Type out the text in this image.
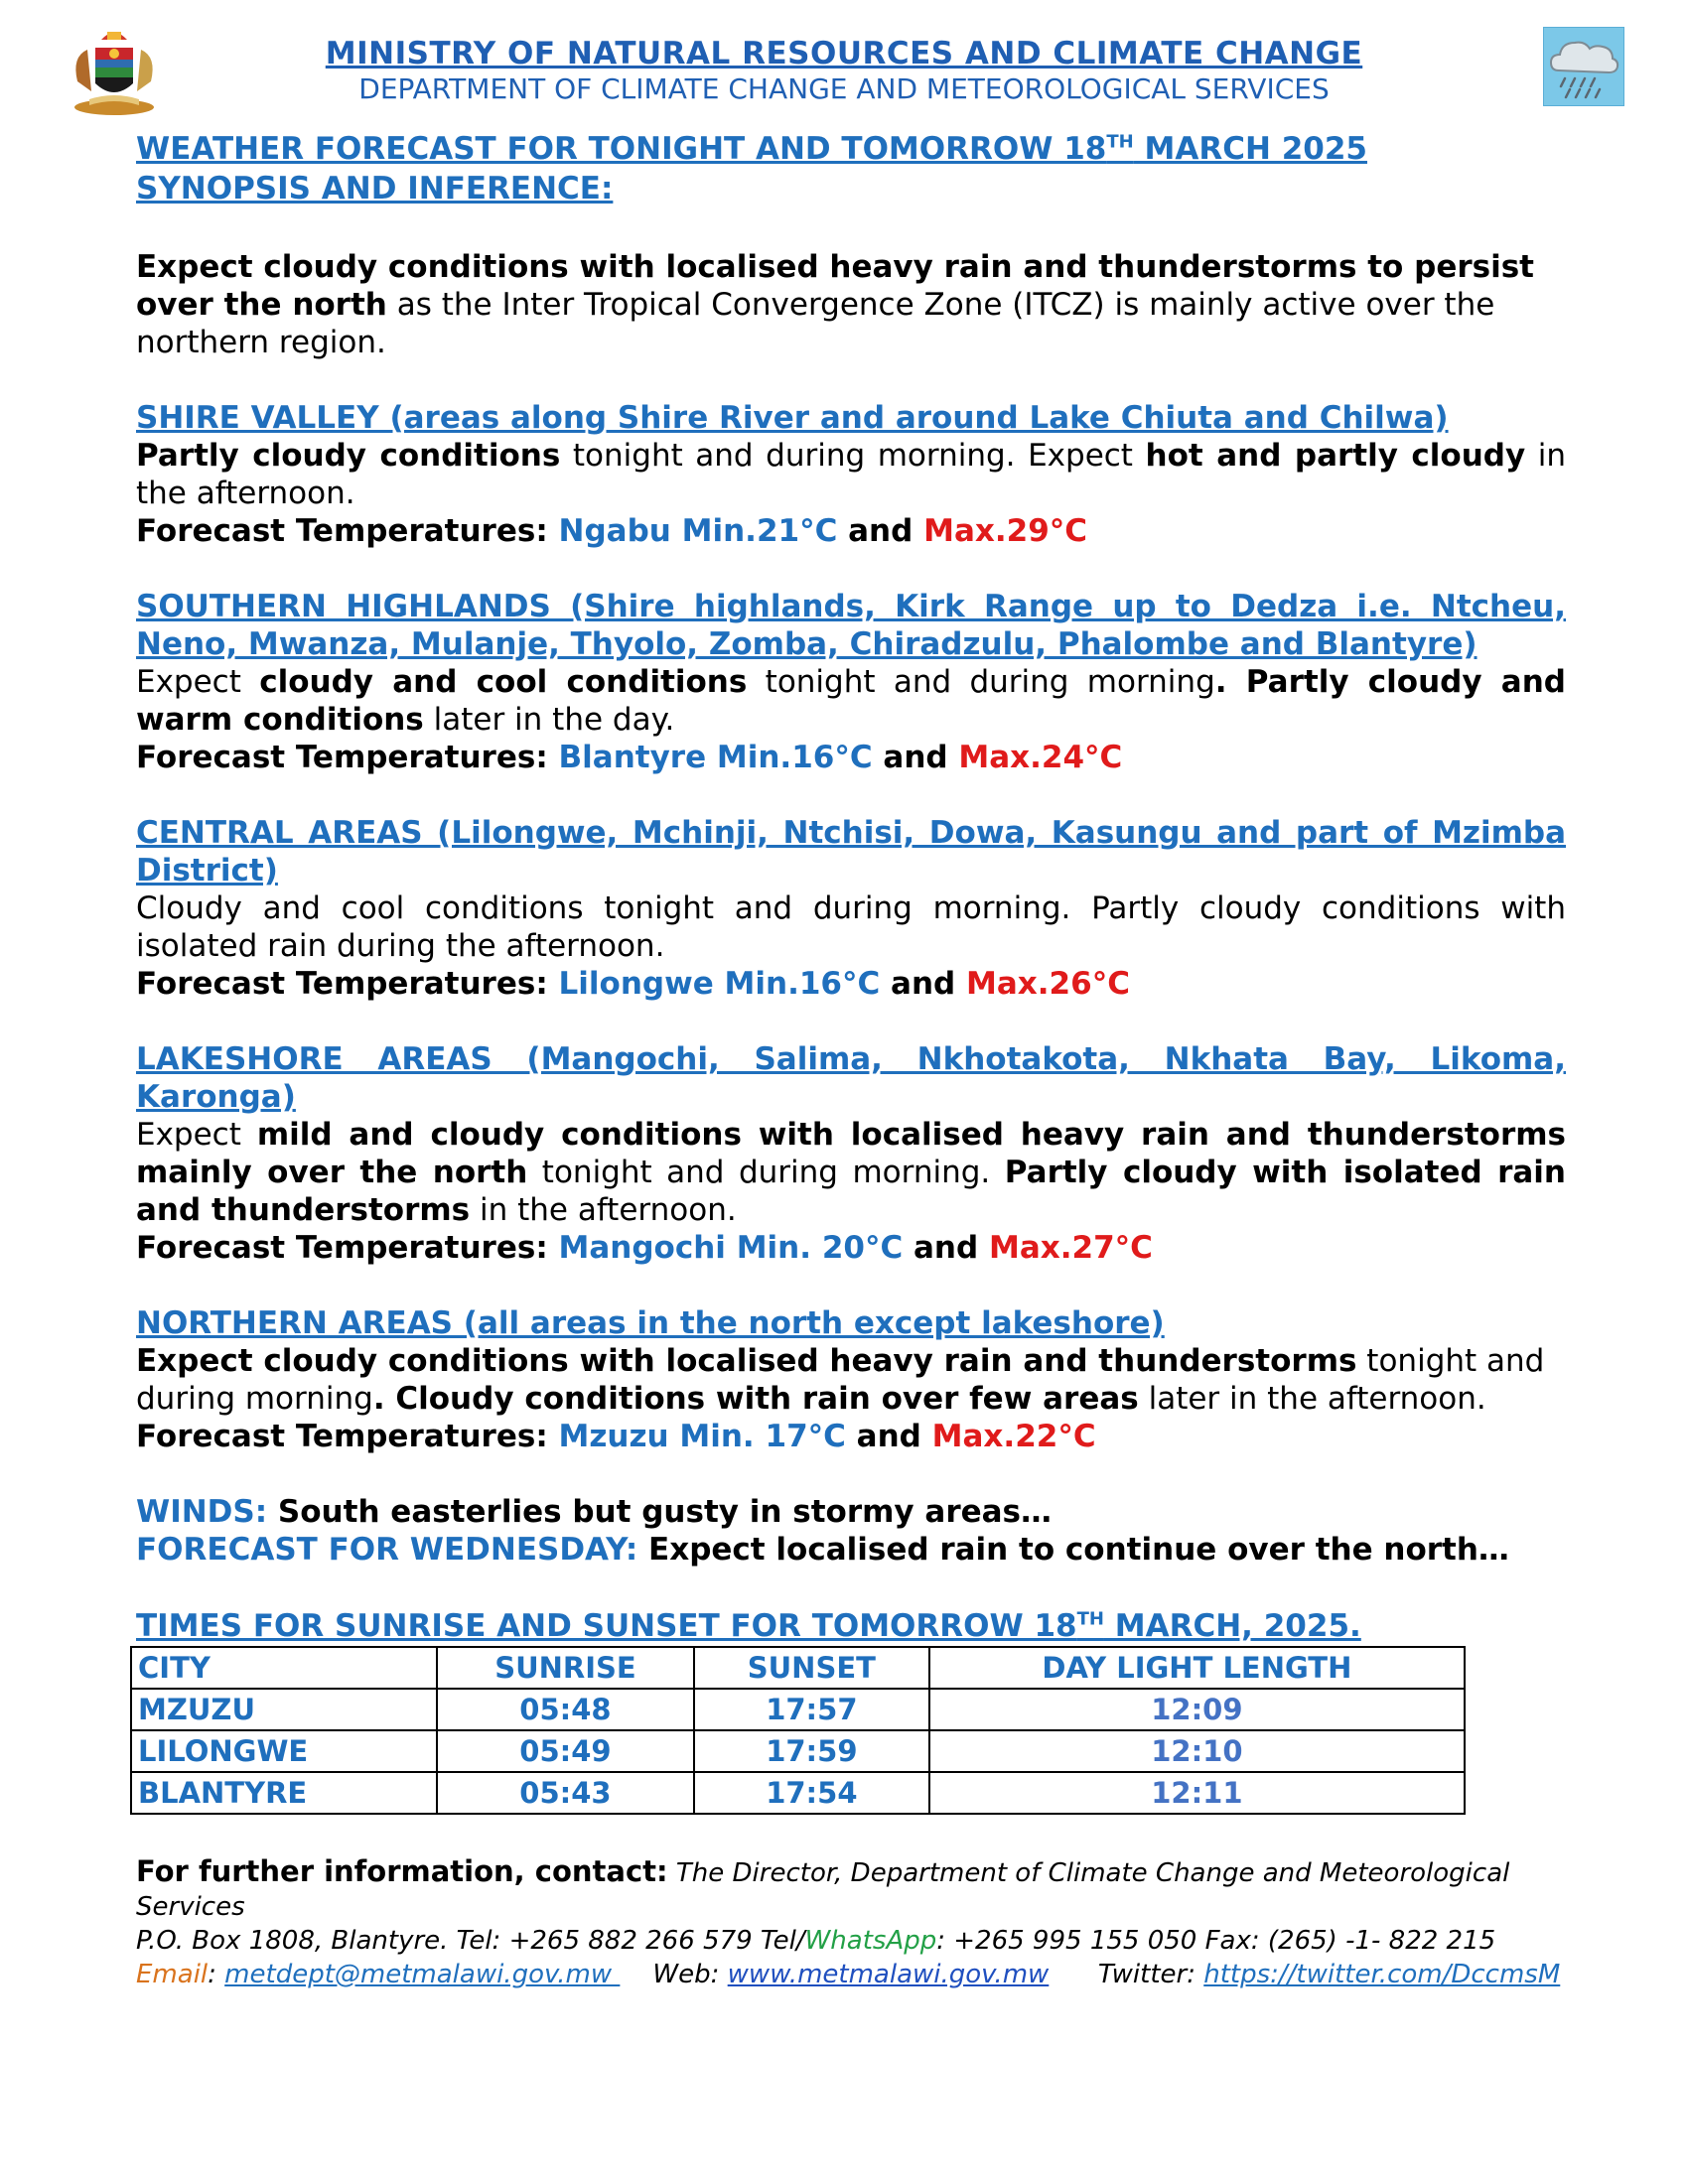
MINISTRY OF NATURAL RESOURCES AND CLIMATE CHANGE
DEPARTMENT OF CLIMATE CHANGE AND METEOROLOGICAL SERVICES

WEATHER FORECAST FOR TONIGHT AND TOMORROW 18TH MARCH 2025

SYNOPSIS AND INFERENCE:

Expect cloudy conditions with localised heavy rain and thunderstorms to persist over the north as the Inter Tropical Convergence Zone (ITCZ) is mainly active over the northern region.

SHIRE VALLEY (areas along Shire River and around Lake Chiuta and Chilwa)

Partly cloudy conditions tonight and during morning. Expect hot and partly cloudy in the afternoon.

Forecast Temperatures: Ngabu Min.21°C and Max.29°C

SOUTHERN HIGHLANDS (Shire highlands, Kirk Range up to Dedza i.e. Ntcheu, Neno, Mwanza, Mulanje, Thyolo, Zomba, Chiradzulu, Phalombe and Blantyre)

Expect cloudy and cool conditions tonight and during morning. Partly cloudy and warm conditions later in the day.

Forecast Temperatures: Blantyre Min.16°C and Max.24°C

CENTRAL AREAS (Lilongwe, Mchinji, Ntchisi, Dowa, Kasungu and part of Mzimba District)

Cloudy and cool conditions tonight and during morning. Partly cloudy conditions with isolated rain during the afternoon.

Forecast Temperatures: Lilongwe Min.16°C and Max.26°C

LAKESHORE AREAS (Mangochi, Salima, Nkhotakota, Nkhata Bay, Likoma, Karonga)

Expect mild and cloudy conditions with localised heavy rain and thunderstorms mainly over the north tonight and during morning. Partly cloudy with isolated rain and thunderstorms in the afternoon.

Forecast Temperatures: Mangochi Min. 20°C and Max.27°C

NORTHERN AREAS (all areas in the north except lakeshore)

Expect cloudy conditions with localised heavy rain and thunderstorms tonight and during morning. Cloudy conditions with rain over few areas later in the afternoon.

Forecast Temperatures: Mzuzu Min. 17°C and Max.22°C

WINDS: South easterlies but gusty in stormy areas…

FORECAST FOR WEDNESDAY: Expect localised rain to continue over the north…

TIMES FOR SUNRISE AND SUNSET FOR TOMORROW 18TH MARCH, 2025.

CITY	SUNRISE	SUNSET	DAY LIGHT LENGTH
MZUZU	05:48	17:57	12:09
LILONGWE	05:49	17:59	12:10
BLANTYRE	05:43	17:54	12:11
For further information, contact: The Director, Department of Climate Change and Meteorological Services
P.O. Box 1808, Blantyre. Tel: +265 882 266 579 Tel/WhatsApp: +265 995 155 050 Fax: (265) -1- 822 215
Email: metdept@metmalawi.gov.mw     Web: www.metmalawi.gov.mw      Twitter: https://twitter.com/DccmsM
